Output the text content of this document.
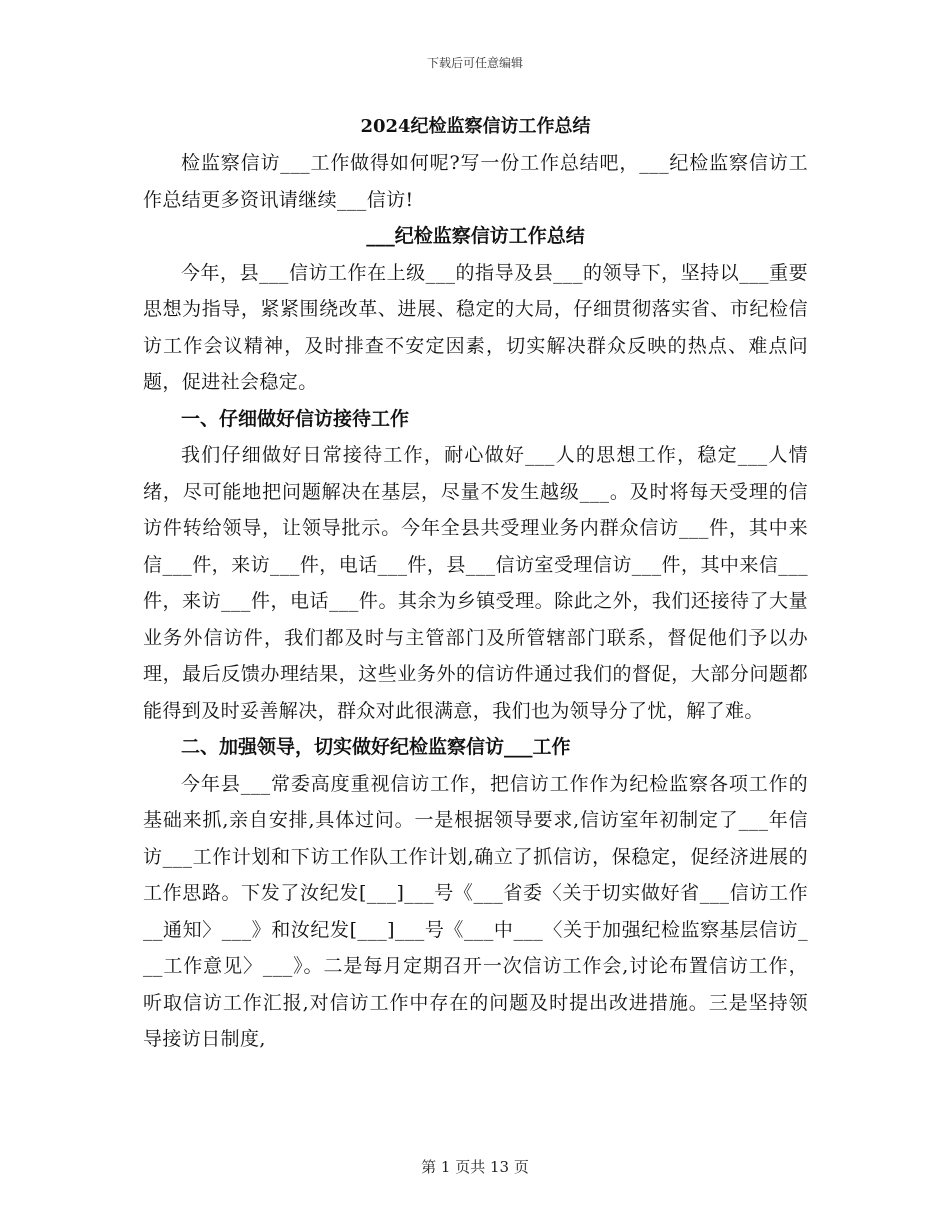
下载后可任意编辑
2024纪检监察信访工作总结

检监察信访___工作做得如何呢?写一份工作总结吧，___纪检监察信访工作总结更多资讯请继续___信访!

___纪检监察信访工作总结

今年，县___信访工作在上级___的指导及县___的领导下，坚持以___重要思想为指导，紧紧围绕改革、进展、稳定的大局，仔细贯彻落实省、市纪检信访工作会议精神，及时排查不安定因素，切实解决群众反映的热点、难点问题，促进社会稳定。

一、仔细做好信访接待工作

我们仔细做好日常接待工作，耐心做好___人的思想工作，稳定___人情绪，尽可能地把问题解决在基层，尽量不发生越级___。及时将每天受理的信访件转给领导，让领导批示。今年全县共受理业务内群众信访___件，其中来信___件，来访___件，电话___件，县___信访室受理信访___件，其中来信___件，来访___件，电话___件。其余为乡镇受理。除此之外，我们还接待了大量业务外信访件，我们都及时与主管部门及所管辖部门联系，督促他们予以办理，最后反馈办理结果，这些业务外的信访件通过我们的督促，大部分问题都能得到及时妥善解决，群众对此很满意，我们也为领导分了忧，解了难。

二、加强领导，切实做好纪检监察信访___工作

今年县___常委高度重视信访工作，把信访工作作为纪检监察各项工作的基础来抓,亲自安排,具体过问。一是根据领导要求,信访室年初制定了___年信访___工作计划和下访工作队工作计划,确立了抓信访，保稳定，促经济进展的工作思路。下发了汝纪发[___]___号《___省委〈关于切实做好省___信访工作__通知〉___》和汝纪发[___]___号《___中___〈关于加强纪检监察基层信访___工作意见〉___》。二是每月定期召开一次信访工作会,讨论布置信访工作，听取信访工作汇报,对信访工作中存在的问题及时提出改进措施。三是坚持领导接访日制度,

第 1 页共 13 页
